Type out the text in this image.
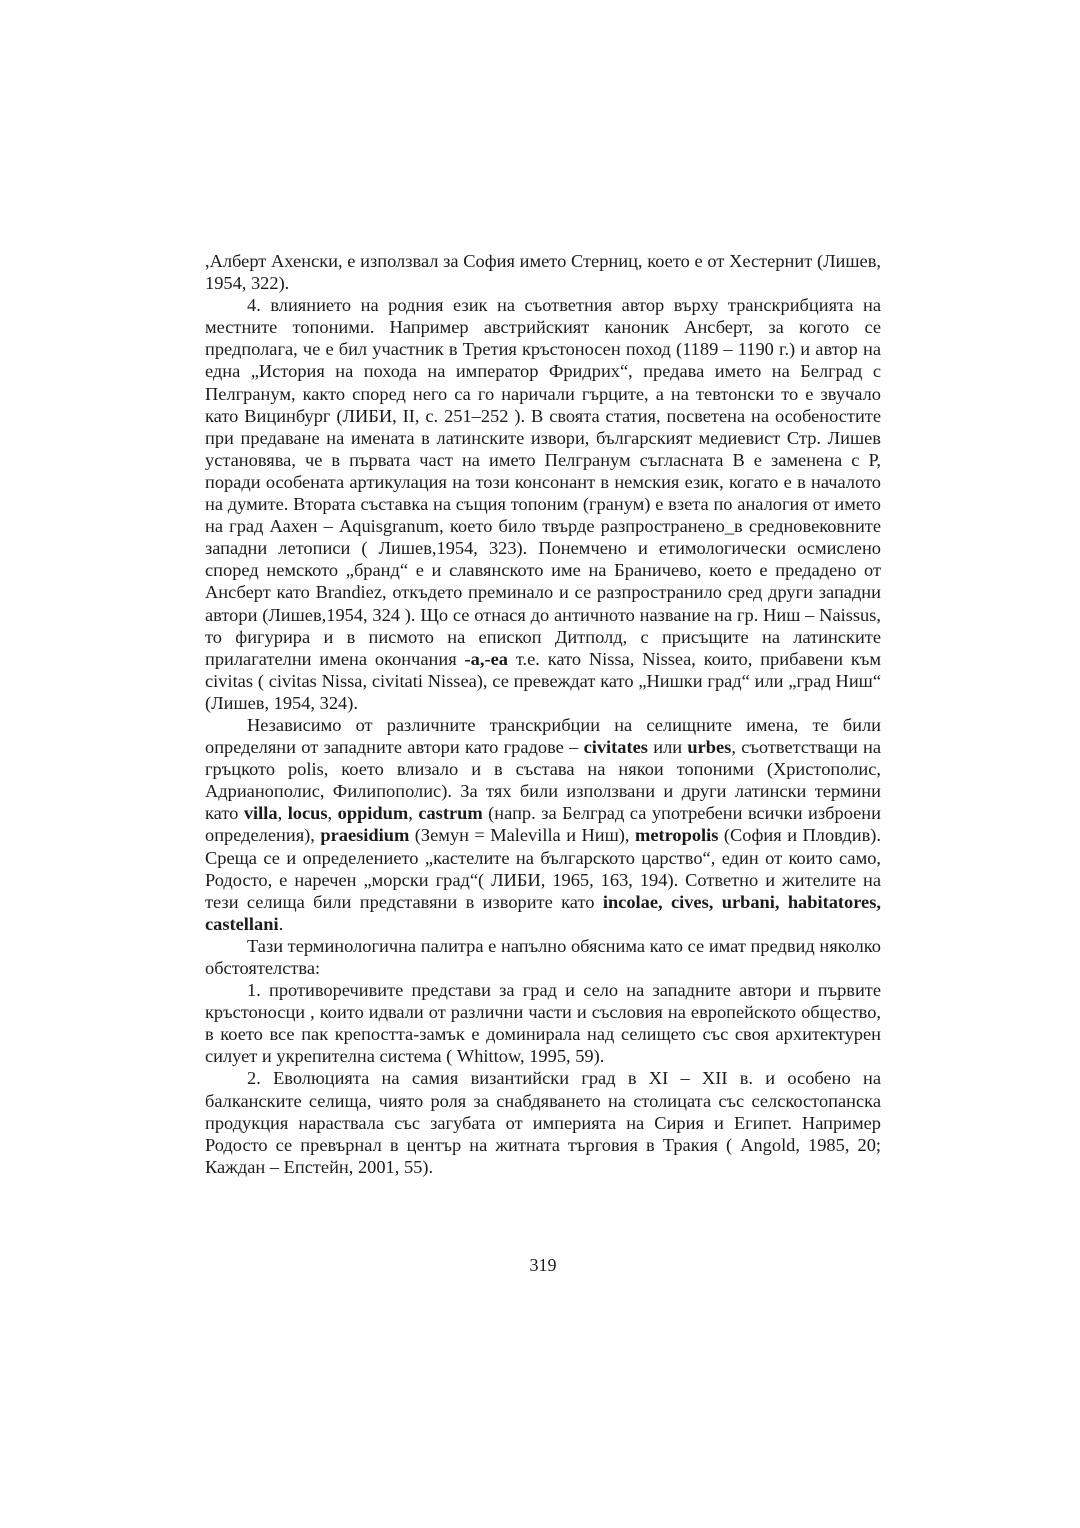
,Алберт Ахенски, е използвал за София името Стерниц, което е от Хестернит (Лишев, 1954, 322).

4. влиянието на родния език на съответния автор върху транскрибцията на местните топоними. Например австрийският каноник Ансберт, за когото се предполага, че е бил участник в Третия кръстоносен поход (1189 – 1190 г.) и автор на една „История на похода на император Фридрих“, предава името на Белград с Пелгранум, както според него са го наричали гърците, а на тевтонски то е звучало като Вицинбург (ЛИБИ, II, с. 251–252 ). В своята статия, посветена на особеностите при предаване на имената в латинските извори, българският медиевист Стр. Лишев установява, че в първата част на името Пелгранум съгласната В е заменена с Р, поради особената артикулация на този консонант в немския език, когато е в началото на думите. Втората съставка на същия топоним (гранум) е взета по аналогия от името на град Аахен – Aquisgranum, което било твърде разпространено_в средновековните западни летописи ( Лишев,1954, 323). Понемчено и етимологически осмислено според немското „бранд“ е и славянското име на Браничево, което е предадено от Ансберт като Brandiez, откъдето преминало и се разпространило сред други западни автори (Лишев,1954, 324 ). Що се отнася до античното название на гр. Ниш – Naissus, то фигурира и в писмото на епископ Дитполд, с присъщите на латинските прилагателни имена окончания -a,-ea т.е. като Nissa, Nissea, които, прибавени към civitas ( civitas Nissa, civitati Nissea), се превеждат като „Нишки град“ или „град Ниш“ (Лишев, 1954, 324).

Независимо от различните транскрибции на селищните имена, те били определяни от западните автори като градове – civitates или urbes, съответстващи на гръцкото polis, което влизало и в състава на някои топоними (Христополис, Адрианополис, Филипополис). За тях били използвани и други латински термини като villa, locus, oppidum, castrum (напр. за Белград са употребени всички изброени определения), praesidium (Земун = Malevilla и Ниш), metropolis (София и Пловдив). Среща се и определението „кастелите на българското царство“, един от които само, Родосто, е наречен „морски град“( ЛИБИ, 1965, 163, 194). Сответно и жителите на тези селища били представяни в изворите като incolae, cives, urbani, habitatores, castellani.

Тази терминологична палитра е напълно обяснима като се имат предвид няколко обстоятелства:

1. противоречивите представи за град и село на западните автори и първите кръстоносци , които идвали от различни части и съсловия на европейското общество, в което все пак крепостта-замък е доминирала над селището със своя архитектурен силует и укрепителна система ( Whittow, 1995, 59).

2. Еволюцията на самия византийски град в XI – XII в. и особено на балканските селища, чиято роля за снабдяването на столицата със селскостопанска продукция нараствала със загубата от империята на Сирия и Египет. Например Родосто се превърнал в център на житната търговия в Тракия ( Angold, 1985, 20; Каждан – Епстейн, 2001, 55).

319
